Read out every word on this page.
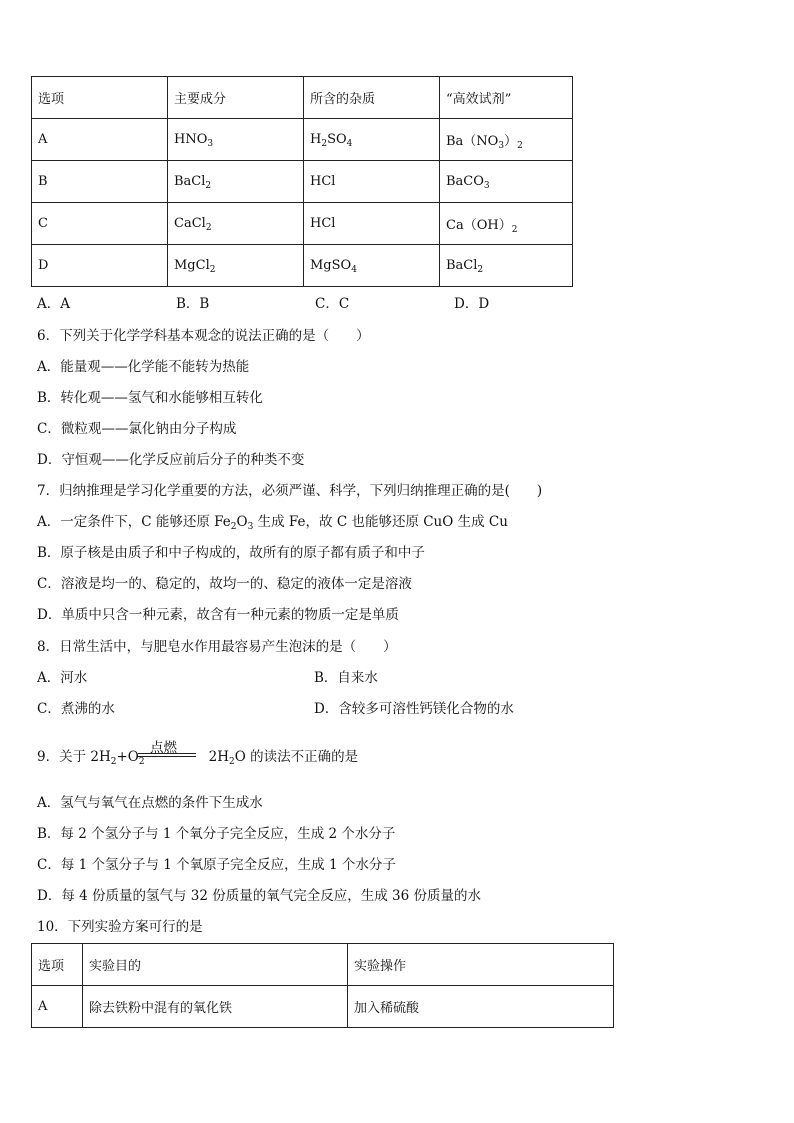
选项	主要成分	所含的杂质	“高效试剂”
A	$HNO_3$	$H_2SO_4$	$Ba(NO_3)_2$
B	BaCl$_2$	HCl	BaCO$_3$
C	CaCl$_2$	HCl	$Ca(OH)_2$
D	MgCl$_2$	MgSO$_4$	BaCl$_2$
A．A	B．B	C．C	D．D
6．下列关于化学学科基本观念的说法正确的是（　　）
A．能量观——化学能不能转为热能
B．转化观——氢气和水能够相互转化
C．微粒观——氯化钠由分子构成
D．守恒观——化学反应前后分子的种类不变
7．归纳推理是学习化学重要的方法，必须严谨、科学，下列归纳推理正确的是(　　)
A．一定条件下，C 能够还原 $Fe_2O_3$ 生成 Fe，故 C 也能够还原 CuO 生成 Cu
B．原子核是由质子和中子构成的，故所有的原子都有质子和中子
C．溶液是均一的、稳定的，故均一的、稳定的液体一定是溶液
D．单质中只含一种元素，故含有一种元素的物质一定是单质
8．日常生活中，与肥皂水作用最容易产生泡沫的是（　　）
A．河水	B．自来水
C．煮沸的水	D．含较多可溶性钙镁化合物的水
9．关于 $2H_2+O_2$	$2H_2O$ 的读法不正确的是
点燃
A．氢气与氧气在点燃的条件下生成水
B．每 2 个氢分子与 1 个氧分子完全反应，生成 2 个水分子
C．每 1 个氢分子与 1 个氧原子完全反应，生成 1 个水分子
D．每 4 份质量的氢气与 32 份质量的氧气完全反应，生成 36 份质量的水
10．下列实验方案可行的是
选项	实验目的	实验操作
A	除去铁粉中混有的氧化铁	加入稀硫酸
